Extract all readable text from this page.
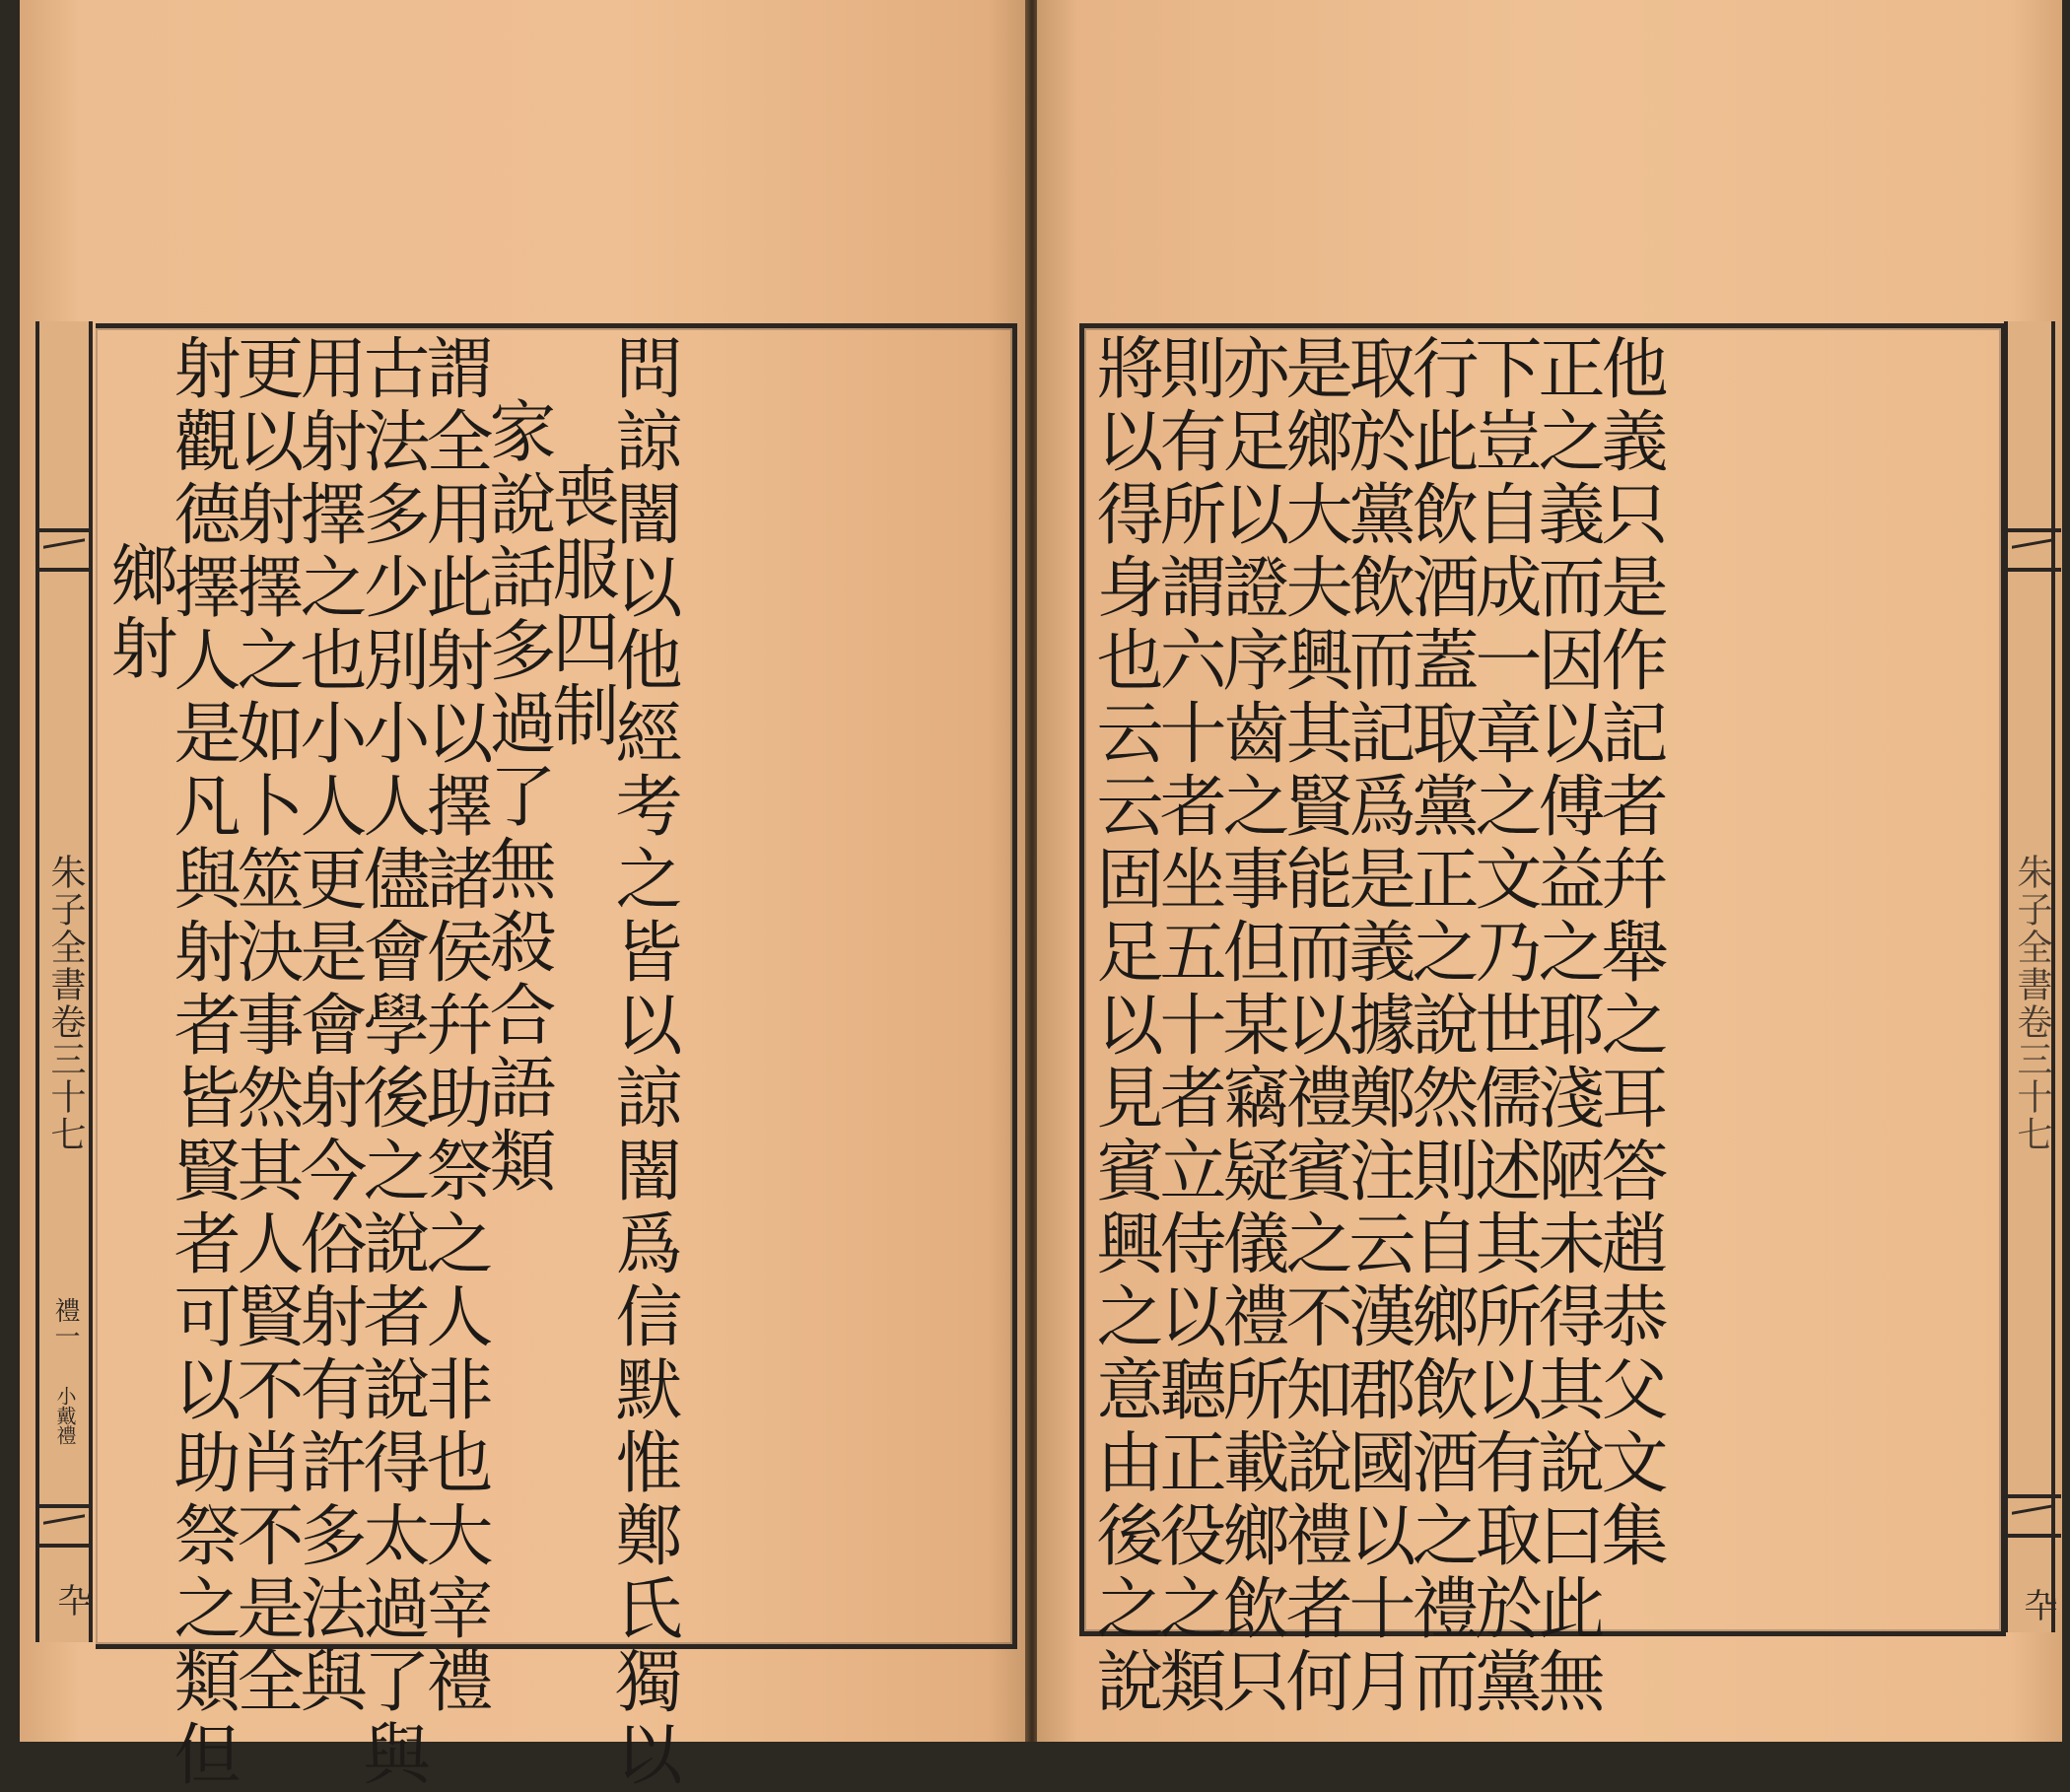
朱子全書卷三十七
禮一
小戴禮
卆	問諒闇以他經考之皆以諒闇爲信默惟鄭氏獨以
喪服四制
家說話多過了無殺合語類
謂全用此射以擇諸侯幷助祭之人非也大宰禮
古法多少別小人儘會學後之說者說得太過了與
用射擇之也小人更是會射今俗射有許多法與
更以射擇之如卜筮決事然其人賢不肖不是全
射觀德擇人是凡與射者皆賢者可以助祭之類但
鄉射	他義只是作記者幷舉之耳答趙恭父文集
正之義而因以傅益之耶淺陋未得其說曰此無
下豈自成一章之文乃世儒述其所以有取於黨
行此飲酒蓋取黨正之說然則自鄉飲酒之禮而
取於黨飲而記爲是義據鄭注云漢郡國以十月
是鄉大夫興其賢能而以禮賓之不知說禮者何
亦足以證序齒之事但某竊疑儀禮所載鄉飲只
則有所謂六十者坐五十者立侍以聽正役之類
將以得身也云云固足以見賓興之意由後之說	朱子全書卷三十七
卆
